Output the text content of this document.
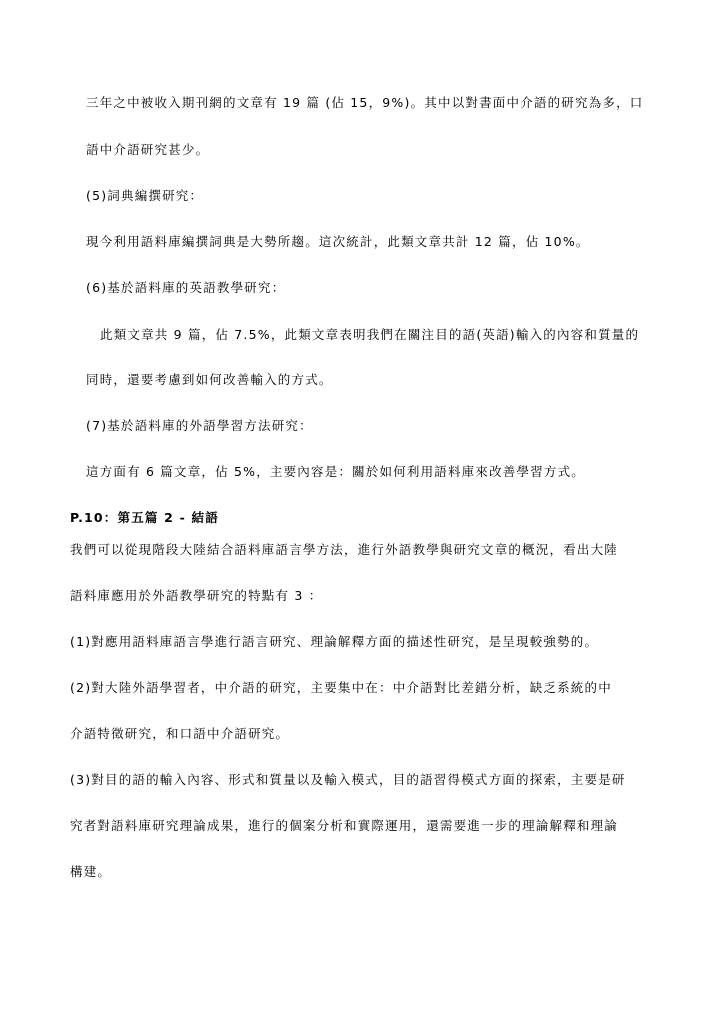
三年之中被收入期刊網的文章有 19 篇 (佔 15，9%)。其中以對書面中介語的研究為多，口
語中介語研究甚少。
(5)詞典編撰研究：
現今利用語料庫編撰詞典是大勢所趨。這次統計，此類文章共計 12 篇，佔 10%。
(6)基於語料庫的英語教學研究：
此類文章共 9 篇，佔 7.5%，此類文章表明我們在關注目的語(英語)輸入的內容和質量的
同時，還要考慮到如何改善輸入的方式。
(7)基於語料庫的外語學習方法研究：
這方面有 6 篇文章，佔 5%，主要內容是：關於如何利用語料庫來改善學習方式。
P.10：第五篇 2 - 結語
我們可以從現階段大陸結合語料庫語言學方法，進行外語教學與研究文章的概況，看出大陸
語料庫應用於外語教學研究的特點有 3 ：
(1)對應用語料庫語言學進行語言研究、理論解釋方面的描述性研究，是呈現較強勢的。
(2)對大陸外語學習者，中介語的研究，主要集中在：中介語對比差錯分析，缺乏系統的中
介語特徵研究，和口語中介語研究。
(3)對目的語的輸入內容、形式和質量以及輸入模式，目的語習得模式方面的探索，主要是研
究者對語料庫研究理論成果，進行的個案分析和實際運用，還需要進一步的理論解釋和理論
構建。
